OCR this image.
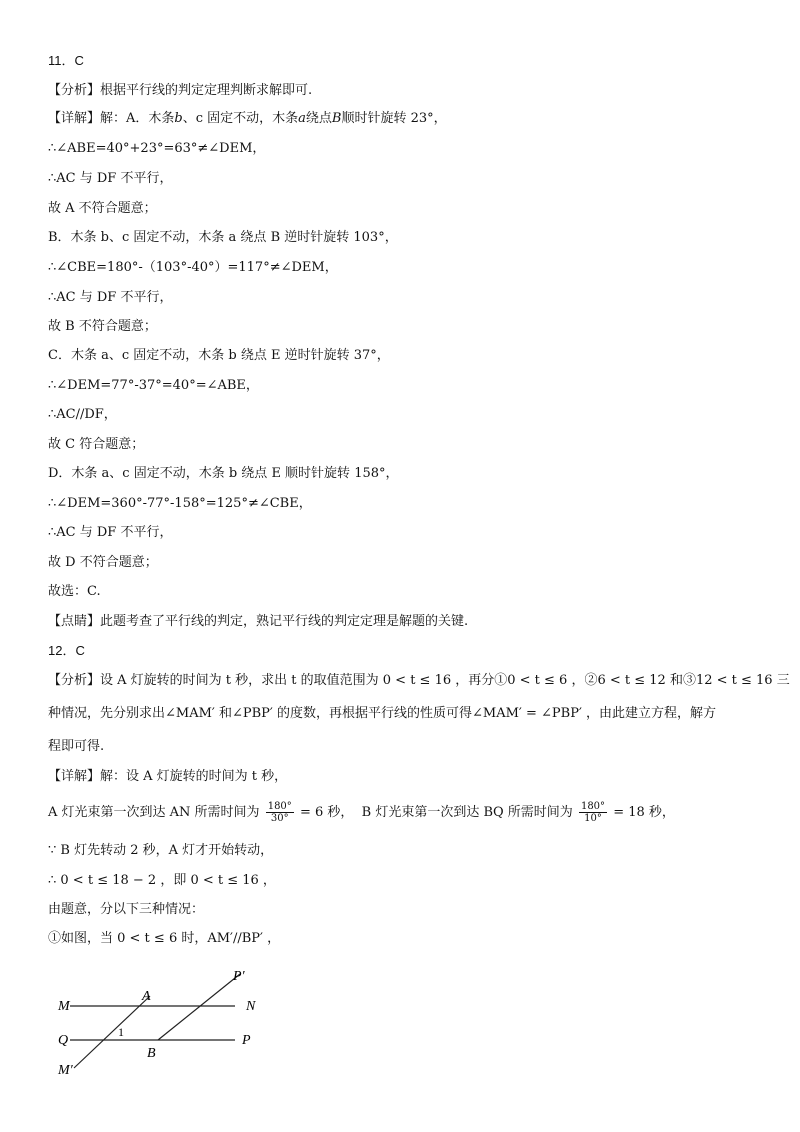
11．C
【分析】根据平行线的判定定理判断求解即可.
【详解】解：A．木条b、c 固定不动，木条a绕点B顺时针旋转 23°，
∴∠ABE=40°+23°=63°≠∠DEM，
∴AC 与 DF 不平行，
故 A 不符合题意；
B．木条 b、c 固定不动，木条 a 绕点 B 逆时针旋转 103°，
∴∠CBE=180°-（103°-40°）=117°≠∠DEM，
∴AC 与 DF 不平行，
故 B 不符合题意；
C．木条 a、c 固定不动，木条 b 绕点 E 逆时针旋转 37°，
∴∠DEM=77°-37°=40°=∠ABE，
∴AC//DF，
故 C 符合题意；
D．木条 a、c 固定不动，木条 b 绕点 E 顺时针旋转 158°，
∴∠DEM=360°-77°-158°=125°≠∠CBE，
∴AC 与 DF 不平行，
故 D 不符合题意；
故选：C.
【点睛】此题考查了平行线的判定，熟记平行线的判定定理是解题的关键.
12．C
【分析】设 A 灯旋转的时间为 t 秒，求出 t 的取值范围为 0 < t ≤ 16 ，再分①0 < t ≤ 6 ，②6 < t ≤ 12 和③12 < t ≤ 16 三
种情况，先分别求出∠MAM′ 和∠PBP′ 的度数，再根据平行线的性质可得∠MAM′ = ∠PBP′ ，由此建立方程，解方
程即可得.
【详解】解：设 A 灯旋转的时间为 t 秒，
A 灯光束第一次到达 AN 所需时间为 $\frac{180^\circ}{30^\circ} = 6$ 秒， B 灯光束第一次到达 BQ 所需时间为 $\frac{180^\circ}{10^\circ} = 18$ 秒，
∵ B 灯先转动 2 秒，A 灯才开始转动，
∴ 0 < t ≤ 18 − 2 ，即 0 < t ≤ 16 ，
由题意，分以下三种情况：
①如图，当 0 < t ≤ 6 时，AM′//BP′ ，
P′
M
A
N
Q
1
B
P
M′
